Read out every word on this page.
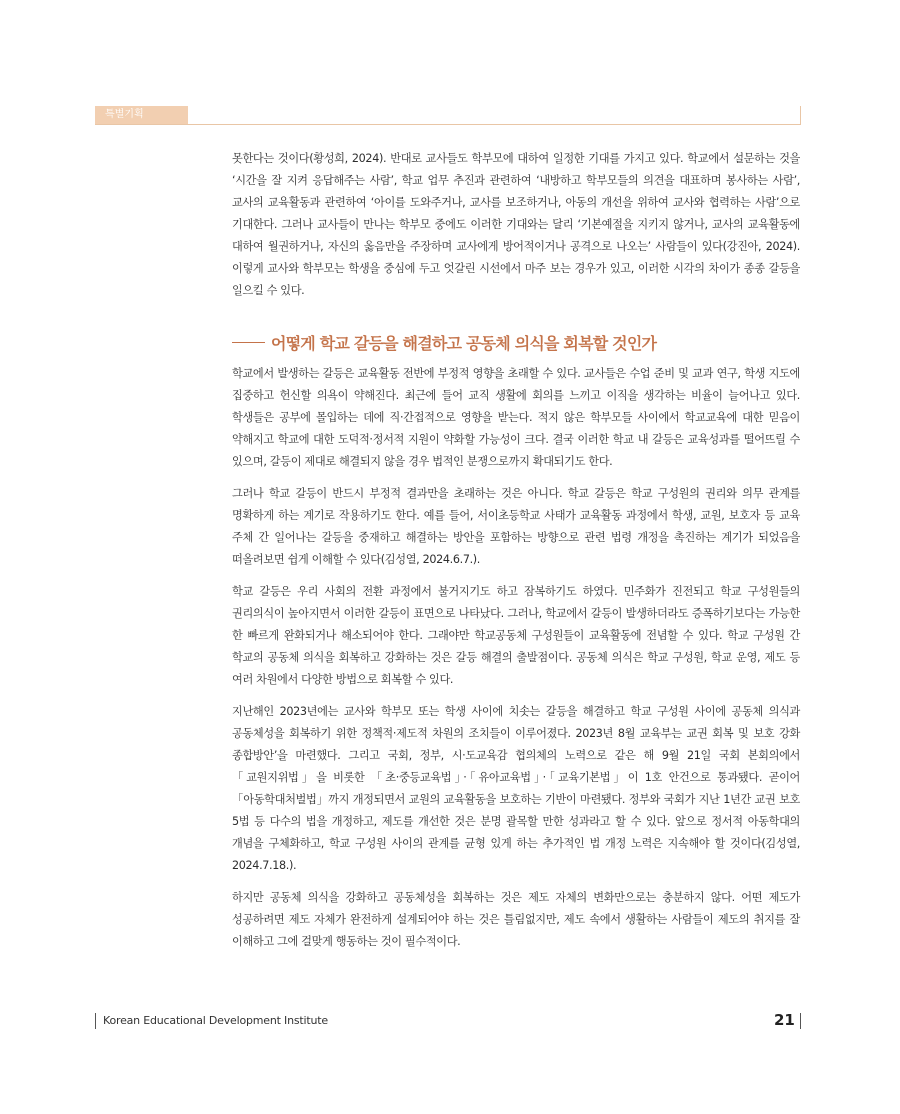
특별기획

못한다는 것이다(황성희, 2024). 반대로 교사들도 학부모에 대하여 일정한 기대를 가지고 있다. 학교에서 설문하는 것을 ‘시간을 잘 지켜 응답해주는 사람’, 학교 업무 추진과 관련하여 ‘내방하고 학부모들의 의견을 대표하며 봉사하는 사람’, 교사의 교육활동과 관련하여 ‘아이를 도와주거나, 교사를 보조하거나, 아동의 개선을 위하여 교사와 협력하는 사람’으로 기대한다. 그러나 교사들이 만나는 학부모 중에도 이러한 기대와는 달리 ‘기본예절을 지키지 않거나, 교사의 교육활동에 대하여 월권하거나, 자신의 옳음만을 주장하며 교사에게 방어적이거나 공격으로 나오는’ 사람들이 있다(강진아, 2024). 이렇게 교사와 학부모는 학생을 중심에 두고 엇갈린 시선에서 마주 보는 경우가 있고, 이러한 시각의 차이가 종종 갈등을 일으킬 수 있다.

어떻게 학교 갈등을 해결하고 공동체 의식을 회복할 것인가

학교에서 발생하는 갈등은 교육활동 전반에 부정적 영향을 초래할 수 있다. 교사들은 수업 준비 및 교과 연구, 학생 지도에 집중하고 헌신할 의욕이 약해진다. 최근에 들어 교직 생활에 회의를 느끼고 이직을 생각하는 비율이 늘어나고 있다. 학생들은 공부에 몰입하는 데에 직·간접적으로 영향을 받는다. 적지 않은 학부모들 사이에서 학교교육에 대한 믿음이 약해지고 학교에 대한 도덕적·정서적 지원이 약화할 가능성이 크다. 결국 이러한 학교 내 갈등은 교육성과를 떨어뜨릴 수 있으며, 갈등이 제대로 해결되지 않을 경우 법적인 분쟁으로까지 확대되기도 한다.

그러나 학교 갈등이 반드시 부정적 결과만을 초래하는 것은 아니다. 학교 갈등은 학교 구성원의 권리와 의무 관계를 명확하게 하는 계기로 작용하기도 한다. 예를 들어, 서이초등학교 사태가 교육활동 과정에서 학생, 교원, 보호자 등 교육 주체 간 일어나는 갈등을 중재하고 해결하는 방안을 포함하는 방향으로 관련 법령 개정을 촉진하는 계기가 되었음을 떠올려보면 쉽게 이해할 수 있다(김성열, 2024.6.7.).

학교 갈등은 우리 사회의 전환 과정에서 불거지기도 하고 잠복하기도 하였다. 민주화가 진전되고 학교 구성원들의 권리의식이 높아지면서 이러한 갈등이 표면으로 나타났다. 그러나, 학교에서 갈등이 발생하더라도 증폭하기보다는 가능한 한 빠르게 완화되거나 해소되어야 한다. 그래야만 학교공동체 구성원들이 교육활동에 전념할 수 있다. 학교 구성원 간 학교의 공동체 의식을 회복하고 강화하는 것은 갈등 해결의 출발점이다. 공동체 의식은 학교 구성원, 학교 운영, 제도 등 여러 차원에서 다양한 방법으로 회복할 수 있다.

지난해인 2023년에는 교사와 학부모 또는 학생 사이에 치솟는 갈등을 해결하고 학교 구성원 사이에 공동체 의식과 공동체성을 회복하기 위한 정책적·제도적 차원의 조치들이 이루어졌다. 2023년 8월 교육부는 교권 회복 및 보호 강화 종합방안’을 마련했다. 그리고 국회, 정부, 시·도교육감 협의체의 노력으로 같은 해 9월 21일 국회 본회의에서 「교원지위법」을 비롯한 「초·중등교육법」·「유아교육법」·「교육기본법」이 1호 안건으로 통과됐다. 곧이어 「아동학대처벌법」까지 개정되면서 교원의 교육활동을 보호하는 기반이 마련됐다. 정부와 국회가 지난 1년간 교권 보호 5법 등 다수의 법을 개정하고, 제도를 개선한 것은 분명 괄목할 만한 성과라고 할 수 있다. 앞으로 정서적 아동학대의 개념을 구체화하고, 학교 구성원 사이의 관계를 균형 있게 하는 추가적인 법 개정 노력은 지속해야 할 것이다(김성열, 2024.7.18.).

하지만 공동체 의식을 강화하고 공동체성을 회복하는 것은 제도 자체의 변화만으로는 충분하지 않다. 어떤 제도가 성공하려면 제도 자체가 완전하게 설계되어야 하는 것은 틀림없지만, 제도 속에서 생활하는 사람들이 제도의 취지를 잘 이해하고 그에 걸맞게 행동하는 것이 필수적이다.

Korean Educational Development Institute	21
